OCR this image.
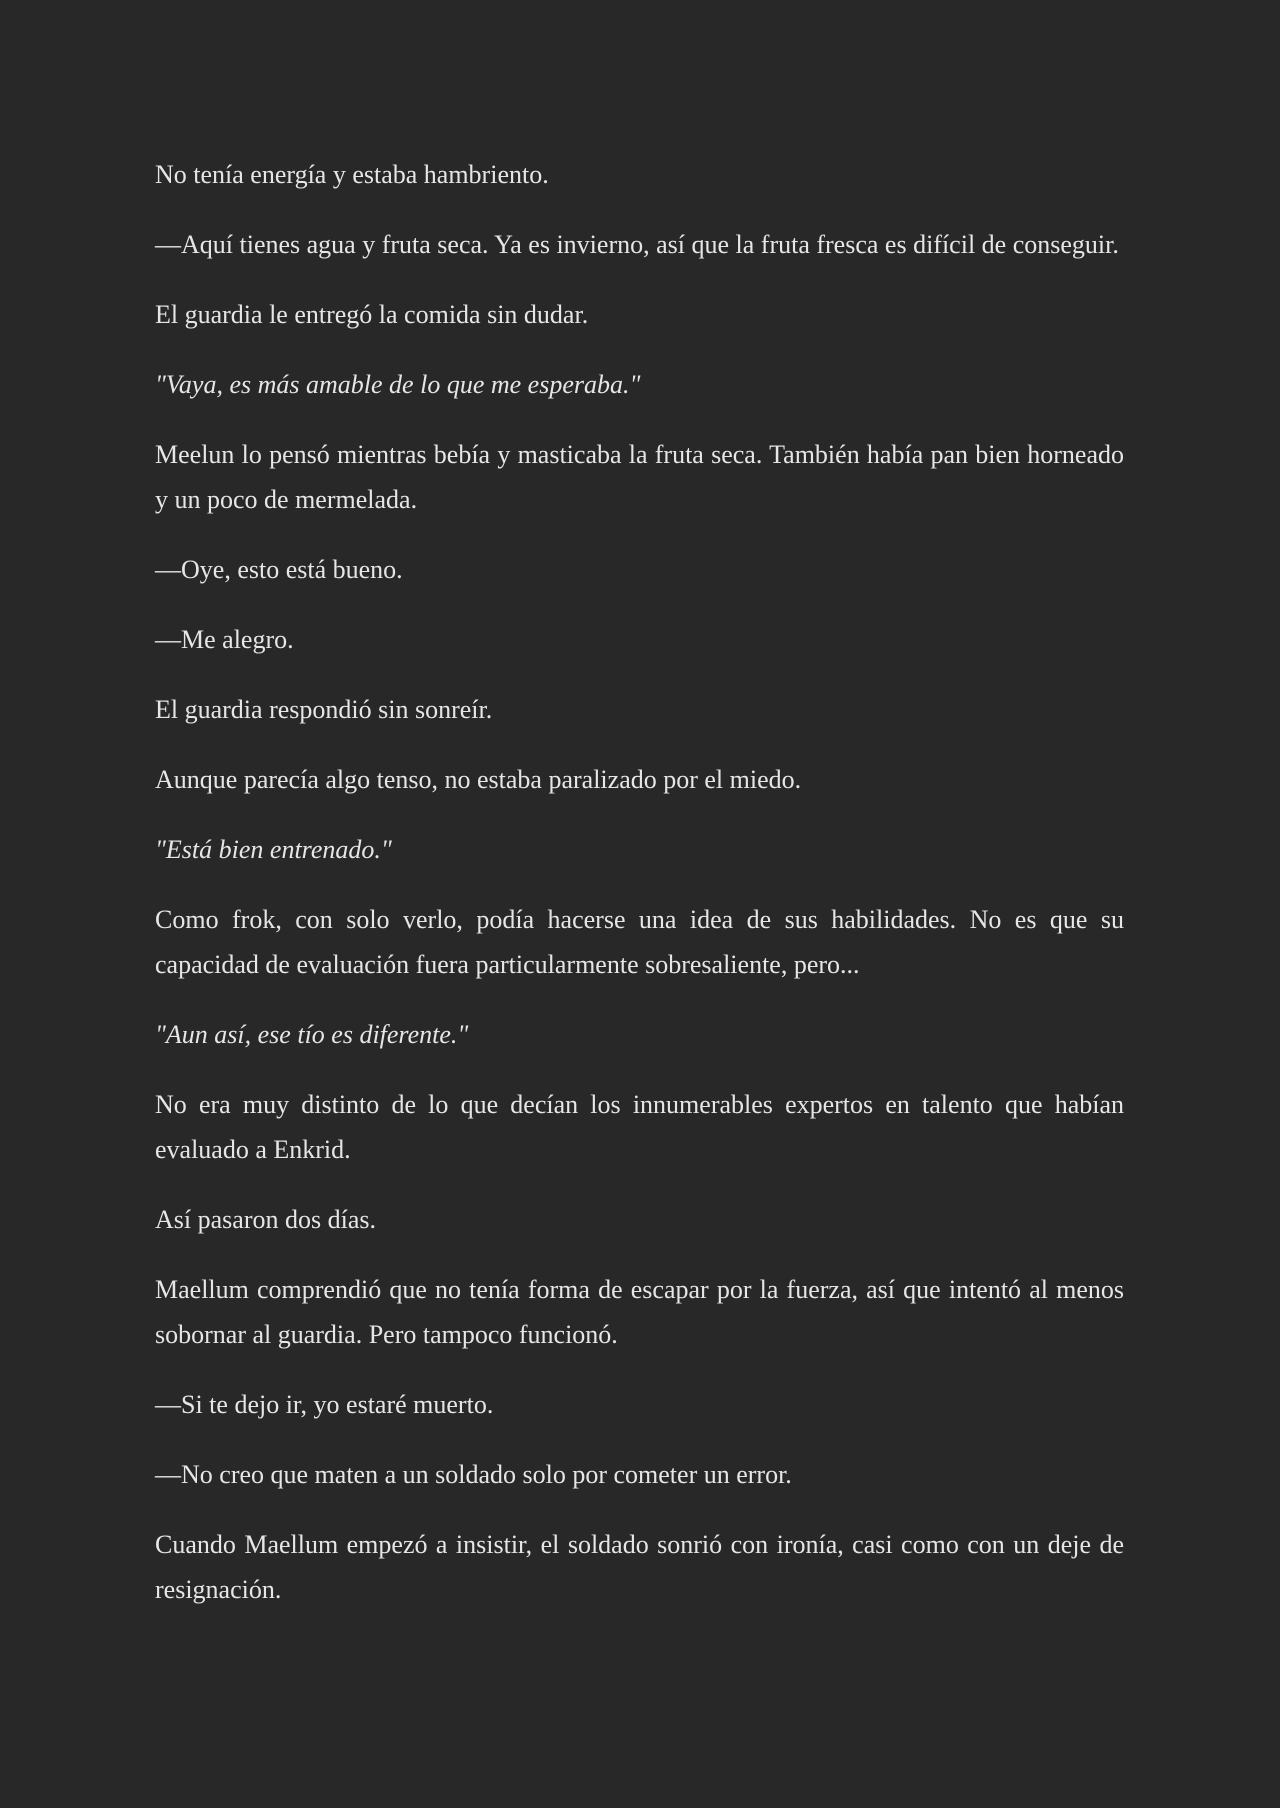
No tenía energía y estaba hambriento.

—Aquí tienes agua y fruta seca. Ya es invierno, así que la fruta fresca es difícil de conseguir.

El guardia le entregó la comida sin dudar.

"Vaya, es más amable de lo que me esperaba."

Meelun lo pensó mientras bebía y masticaba la fruta seca. También había pan bien horneado y un poco de mermelada.

—Oye, esto está bueno.

—Me alegro.

El guardia respondió sin sonreír.

Aunque parecía algo tenso, no estaba paralizado por el miedo.

"Está bien entrenado."

Como frok, con solo verlo, podía hacerse una idea de sus habilidades. No es que su capacidad de evaluación fuera particularmente sobresaliente, pero...

"Aun así, ese tío es diferente."

No era muy distinto de lo que decían los innumerables expertos en talento que habían evaluado a Enkrid.

Así pasaron dos días.

Maellum comprendió que no tenía forma de escapar por la fuerza, así que intentó al menos sobornar al guardia. Pero tampoco funcionó.

—Si te dejo ir, yo estaré muerto.

—No creo que maten a un soldado solo por cometer un error.

Cuando Maellum empezó a insistir, el soldado sonrió con ironía, casi como con un deje de resignación.
